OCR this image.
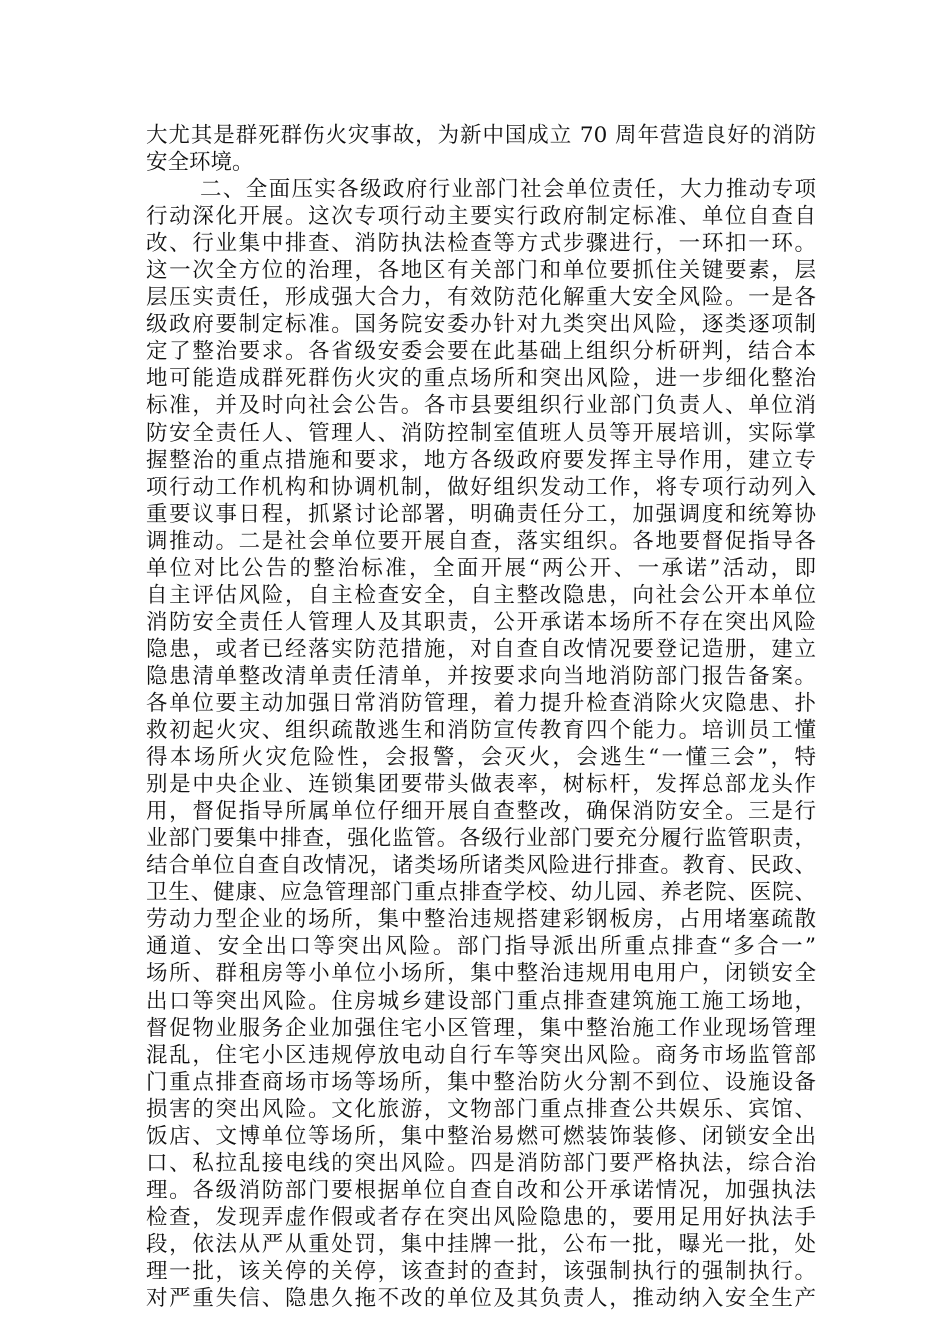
大尤其是群死群伤火灾事故，为新中国成立 70 周年营造良好的消防
安全环境。
二、全面压实各级政府行业部门社会单位责任，大力推动专项
行动深化开展。这次专项行动主要实行政府制定标准、单位自查自
改、行业集中排查、消防执法检查等方式步骤进行，一环扣一环。
这一次全方位的治理，各地区有关部门和单位要抓住关键要素，层
层压实责任，形成强大合力，有效防范化解重大安全风险。一是各
级政府要制定标准。国务院安委办针对九类突出风险，逐类逐项制
定了整治要求。各省级安委会要在此基础上组织分析研判，结合本
地可能造成群死群伤火灾的重点场所和突出风险，进一步细化整治
标准，并及时向社会公告。各市县要组织行业部门负责人、单位消
防安全责任人、管理人、消防控制室值班人员等开展培训，实际掌
握整治的重点措施和要求，地方各级政府要发挥主导作用，建立专
项行动工作机构和协调机制，做好组织发动工作，将专项行动列入
重要议事日程，抓紧讨论部署，明确责任分工，加强调度和统筹协
调推动。二是社会单位要开展自查，落实组织。各地要督促指导各
单位对比公告的整治标准，全面开展“两公开、一承诺”活动，即
自主评估风险，自主检查安全，自主整改隐患，向社会公开本单位
消防安全责任人管理人及其职责，公开承诺本场所不存在突出风险
隐患，或者已经落实防范措施，对自查自改情况要登记造册，建立
隐患清单整改清单责任清单，并按要求向当地消防部门报告备案。
各单位要主动加强日常消防管理，着力提升检查消除火灾隐患、扑
救初起火灾、组织疏散逃生和消防宣传教育四个能力。培训员工懂
得本场所火灾危险性，会报警，会灭火，会逃生“一懂三会”，特
别是中央企业、连锁集团要带头做表率，树标杆，发挥总部龙头作
用，督促指导所属单位仔细开展自查整改，确保消防安全。三是行
业部门要集中排查，强化监管。各级行业部门要充分履行监管职责，
结合单位自查自改情况，诸类场所诸类风险进行排查。教育、民政、
卫生、健康、应急管理部门重点排查学校、幼儿园、养老院、医院、
劳动力型企业的场所，集中整治违规搭建彩钢板房，占用堵塞疏散
通道、安全出口等突出风险。部门指导派出所重点排查“多合一”
场所、群租房等小单位小场所，集中整治违规用电用户，闭锁安全
出口等突出风险。住房城乡建设部门重点排查建筑施工施工场地，
督促物业服务企业加强住宅小区管理，集中整治施工作业现场管理
混乱，住宅小区违规停放电动自行车等突出风险。商务市场监管部
门重点排查商场市场等场所，集中整治防火分割不到位、设施设备
损害的突出风险。文化旅游，文物部门重点排查公共娱乐、宾馆、
饭店、文博单位等场所，集中整治易燃可燃装饰装修、闭锁安全出
口、私拉乱接电线的突出风险。四是消防部门要严格执法，综合治
理。各级消防部门要根据单位自查自改和公开承诺情况，加强执法
检查，发现弄虚作假或者存在突出风险隐患的，要用足用好执法手
段，依法从严从重处罚，集中挂牌一批，公布一批，曝光一批，处
理一批，该关停的关停，该查封的查封，该强制执行的强制执行。
对严重失信、隐患久拖不改的单位及其负责人，推动纳入安全生产
